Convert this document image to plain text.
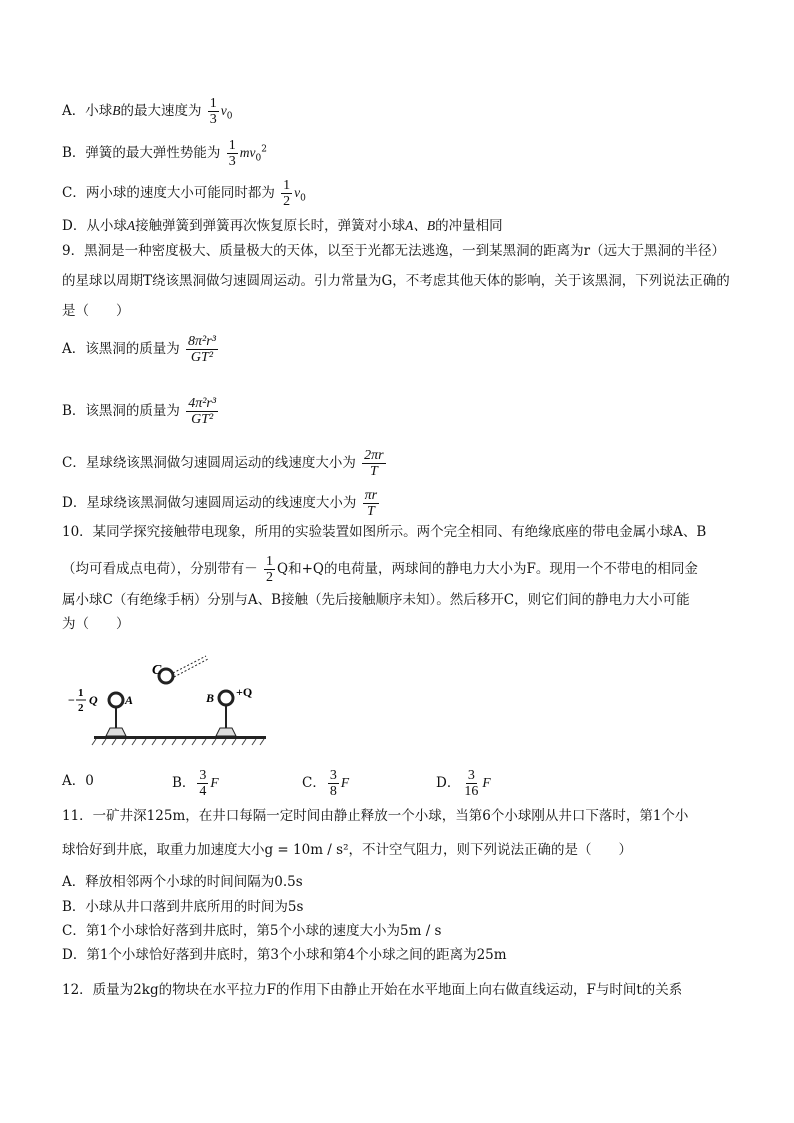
A．小球B的最大速度为 $\frac{1}{3} v_0$
B．弹簧的最大弹性势能为 $\frac{1}{3} mv_0^2$
C．两小球的速度大小可能同时都为 $\frac{1}{2} v_0$
D．从小球A接触弹簧到弹簧再次恢复原长时，弹簧对小球A、B的冲量相同
9．黑洞是一种密度极大、质量极大的天体，以至于光都无法逃逸，一到某黑洞的距离为r（远大于黑洞的半径）的星球以周期T绕该黑洞做匀速圆周运动。引力常量为G，不考虑其他天体的影响，关于该黑洞，下列说法正确的是（　　）
A．该黑洞的质量为 $\frac{\text{8π²r³}}{\text{GT²}}$
B．该黑洞的质量为 $\frac{\text{4π²r³}}{\text{GT²}}$
C．星球绕该黑洞做匀速圆周运动的线速度大小为 $\frac{2\pi r}{T}$
D．星球绕该黑洞做匀速圆周运动的线速度大小为 $\frac{\pi r}{T}$
10．某同学探究接触带电现象，所用的实验装置如图所示。两个完全相同、有绝缘底座的带电金属小球A、B
（均可看成点电荷），分别带有－ $\frac{1}{2}$ Q和+Q的电荷量，两球间的静电力大小为F。现用一个不带电的相同金
属小球C（有绝缘手柄）分别与A、B接触（先后接触顺序未知）。然后移开C，则它们间的静电力大小可能
为（　　）
C
A	B +Q
− 1
2
Q
A．0	B． $\frac{3}{4}$ F	C． $\frac{3}{8}$ F	D． $\frac{3}{16}$ F
11．一矿井深125m，在井口每隔一定时间由静止释放一个小球，当第6个小球刚从井口下落时，第1个小
球恰好到井底，取重力加速度大小g = 10m / s²，不计空气阻力，则下列说法正确的是（　　）
A．释放相邻两个小球的时间间隔为0.5s
B．小球从井口落到井底所用的时间为5s
C．第1个小球恰好落到井底时，第5个小球的速度大小为5m / s
D．第1个小球恰好落到井底时，第3个小球和第4个小球之间的距离为25m
12．质量为2kg的物块在水平拉力F的作用下由静止开始在水平地面上向右做直线运动，F与时间t的关系
